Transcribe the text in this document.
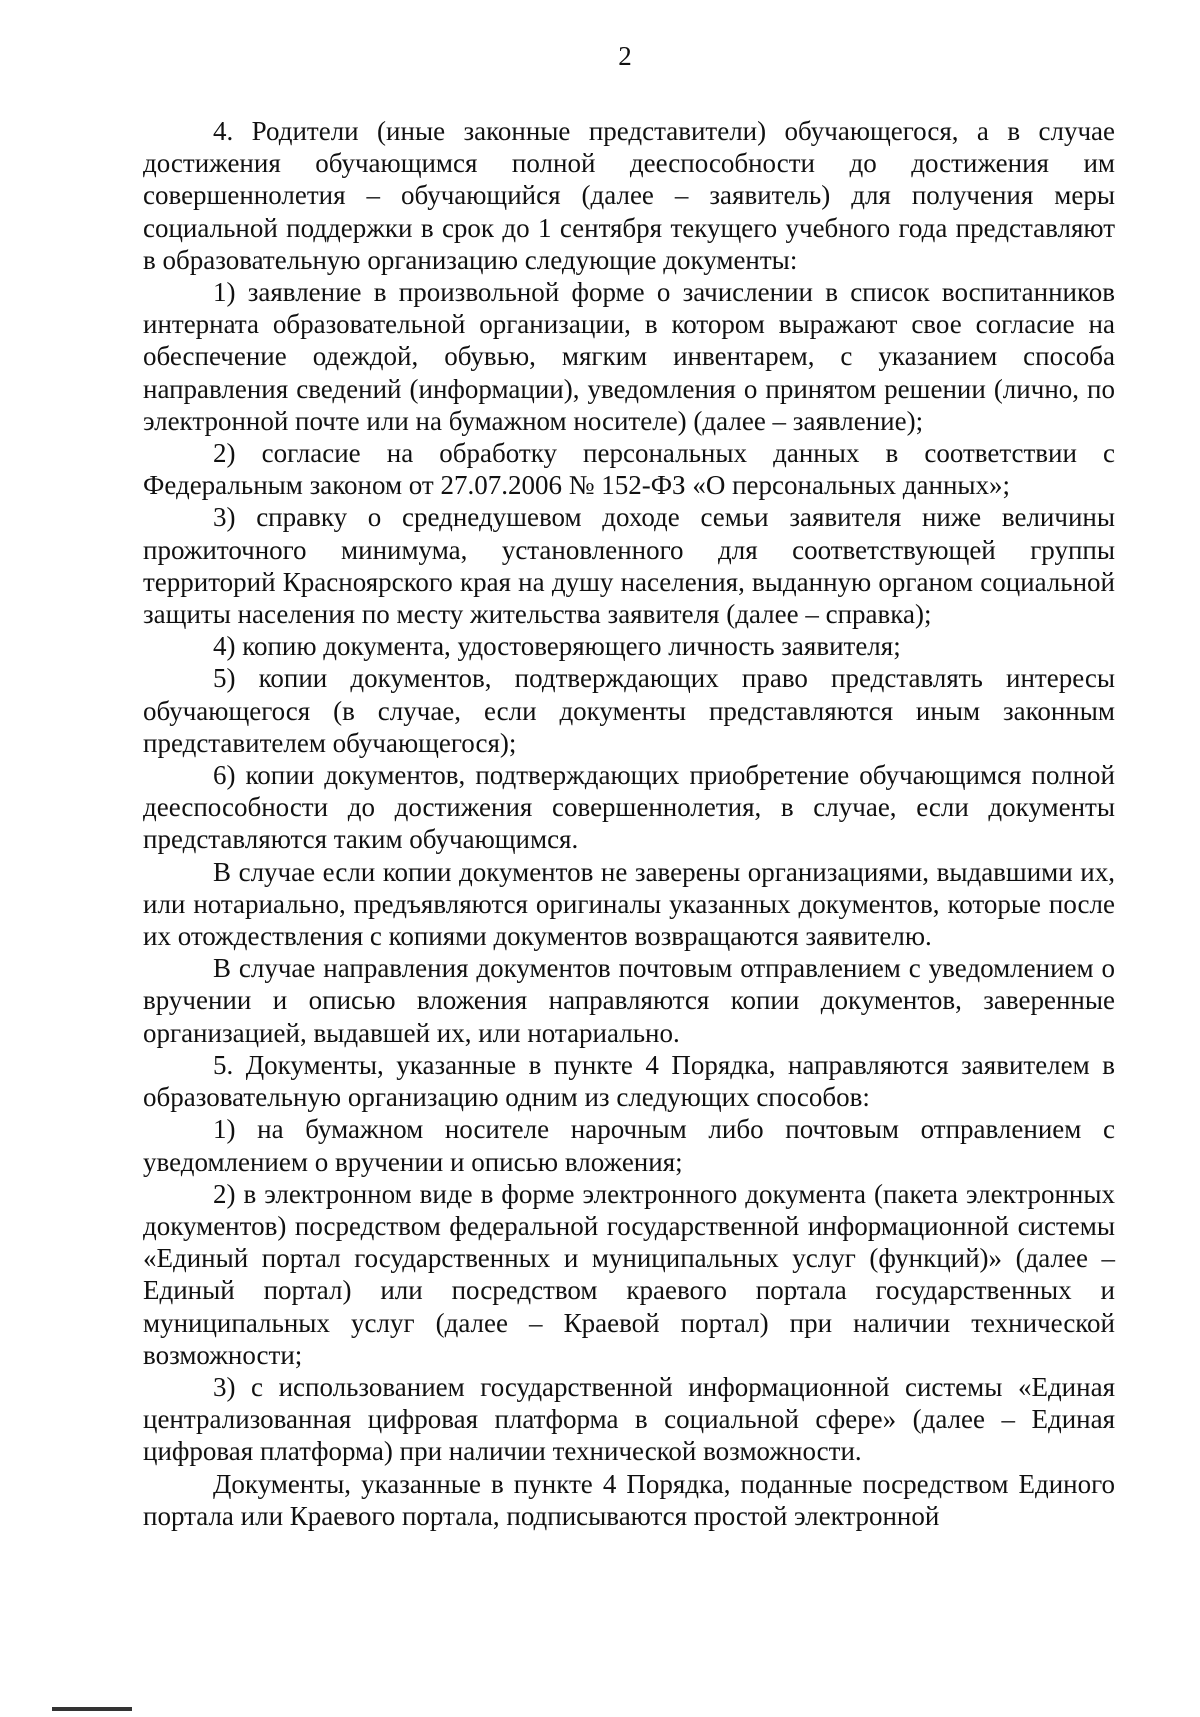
2

4. Родители (иные законные представители) обучающегося, а в случае достижения обучающимся полной дееспособности до достижения им совершеннолетия – обучающийся (далее – заявитель) для получения меры социальной поддержки в срок до 1 сентября текущего учебного года представляют в образовательную организацию следующие документы:

1) заявление в произвольной форме о зачислении в список воспитанников интерната образовательной организации, в котором выражают свое согласие на обеспечение одеждой, обувью, мягким инвентарем, с указанием способа направления сведений (информации), уведомления о принятом решении (лично, по электронной почте или на бумажном носителе) (далее – заявление);

2) согласие на обработку персональных данных в соответствии с Федеральным законом от 27.07.2006 № 152-ФЗ «О персональных данных»;

3) справку о среднедушевом доходе семьи заявителя ниже величины прожиточного минимума, установленного для соответствующей группы территорий Красноярского края на душу населения, выданную органом социальной защиты населения по месту жительства заявителя (далее – справка);

4) копию документа, удостоверяющего личность заявителя;

5) копии документов, подтверждающих право представлять интересы обучающегося (в случае, если документы представляются иным законным представителем обучающегося);

6) копии документов, подтверждающих приобретение обучающимся полной дееспособности до достижения совершеннолетия, в случае, если документы представляются таким обучающимся.

В случае если копии документов не заверены организациями, выдавшими их, или нотариально, предъявляются оригиналы указанных документов, которые после их отождествления с копиями документов возвращаются заявителю.

В случае направления документов почтовым отправлением с уведомлением о вручении и описью вложения направляются копии документов, заверенные организацией, выдавшей их, или нотариально.

5. Документы, указанные в пункте 4 Порядка, направляются заявителем в образовательную организацию одним из следующих способов:

1) на бумажном носителе нарочным либо почтовым отправлением с уведомлением о вручении и описью вложения;

2) в электронном виде в форме электронного документа (пакета электронных документов) посредством федеральной государственной информационной системы «Единый портал государственных и муниципальных услуг (функций)» (далее – Единый портал) или посредством краевого портала государственных и муниципальных услуг (далее – Краевой портал) при наличии технической возможности;

3) с использованием государственной информационной системы «Единая централизованная цифровая платформа в социальной сфере» (далее – Единая цифровая платформа) при наличии технической возможности.

Документы, указанные в пункте 4 Порядка, поданные посредством Единого портала или Краевого портала, подписываются простой электронной
